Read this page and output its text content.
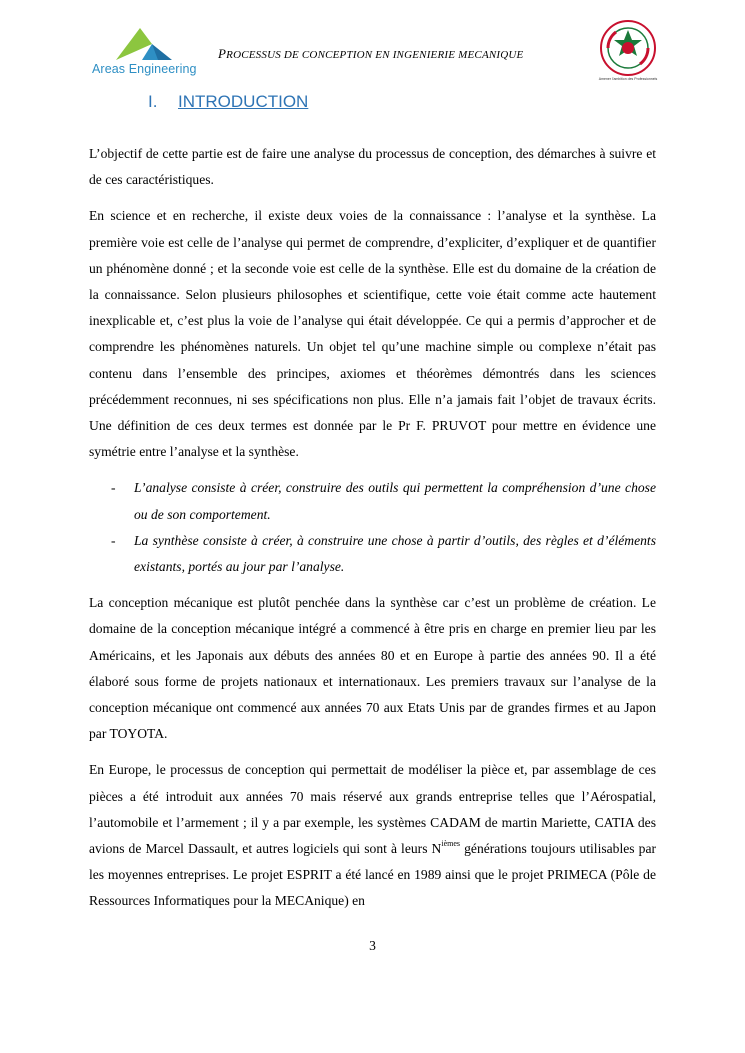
Areas Engineering
PROCESSUS DE CONCEPTION EN INGENIERIE MECANIQUE
Amener l'ambition des Professionnels
I. INTRODUCTION

L’objectif de cette partie est de faire une analyse du processus de conception, des démarches à suivre et de ces caractéristiques.

En science et en recherche, il existe deux voies de la connaissance : l’analyse et la synthèse. La première voie est celle de l’analyse qui permet de comprendre, d’expliciter, d’expliquer et de quantifier un phénomène donné ; et la seconde voie est celle de la synthèse. Elle est du domaine de la création de la connaissance. Selon plusieurs philosophes et scientifique, cette voie était comme acte hautement inexplicable et, c’est plus la voie de l’analyse qui était développée. Ce qui a permis d’approcher et de comprendre les phénomènes naturels. Un objet tel qu’une machine simple ou complexe n’était pas contenu dans l’ensemble des principes, axiomes et théorèmes démontrés dans les sciences précédemment reconnues, ni ses spécifications non plus. Elle n’a jamais fait l’objet de travaux écrits. Une définition de ces deux termes est donnée par le Pr F. PRUVOT pour mettre en évidence une symétrie entre l’analyse et la synthèse.

- L’analyse consiste à créer, construire des outils qui permettent la compréhension d’une chose ou de son comportement.
- La synthèse consiste à créer, à construire une chose à partir d’outils, des règles et d’éléments existants, portés au jour par l’analyse.

La conception mécanique est plutôt penchée dans la synthèse car c’est un problème de création. Le domaine de la conception mécanique intégré a commencé à être pris en charge en premier lieu par les Américains, et les Japonais aux débuts des années 80 et en Europe à partie des années 90. Il a été élaboré sous forme de projets nationaux et internationaux. Les premiers travaux sur l’analyse de la conception mécanique ont commencé aux années 70 aux Etats Unis par de grandes firmes et au Japon par TOYOTA.

En Europe, le processus de conception qui permettait de modéliser la pièce et, par assemblage de ces pièces a été introduit aux années 70 mais réservé aux grands entreprise telles que l’Aérospatial, l’automobile et l’armement ; il y a par exemple, les systèmes CADAM de martin Mariette, CATIA des avions de Marcel Dassault, et autres logiciels qui sont à leurs $N^{ièmes}$ générations toujours utilisables par les moyennes entreprises. Le projet ESPRIT a été lancé en 1989 ainsi que le projet PRIMECA (Pôle de Ressources Informatiques pour la MECAnique) en

3
